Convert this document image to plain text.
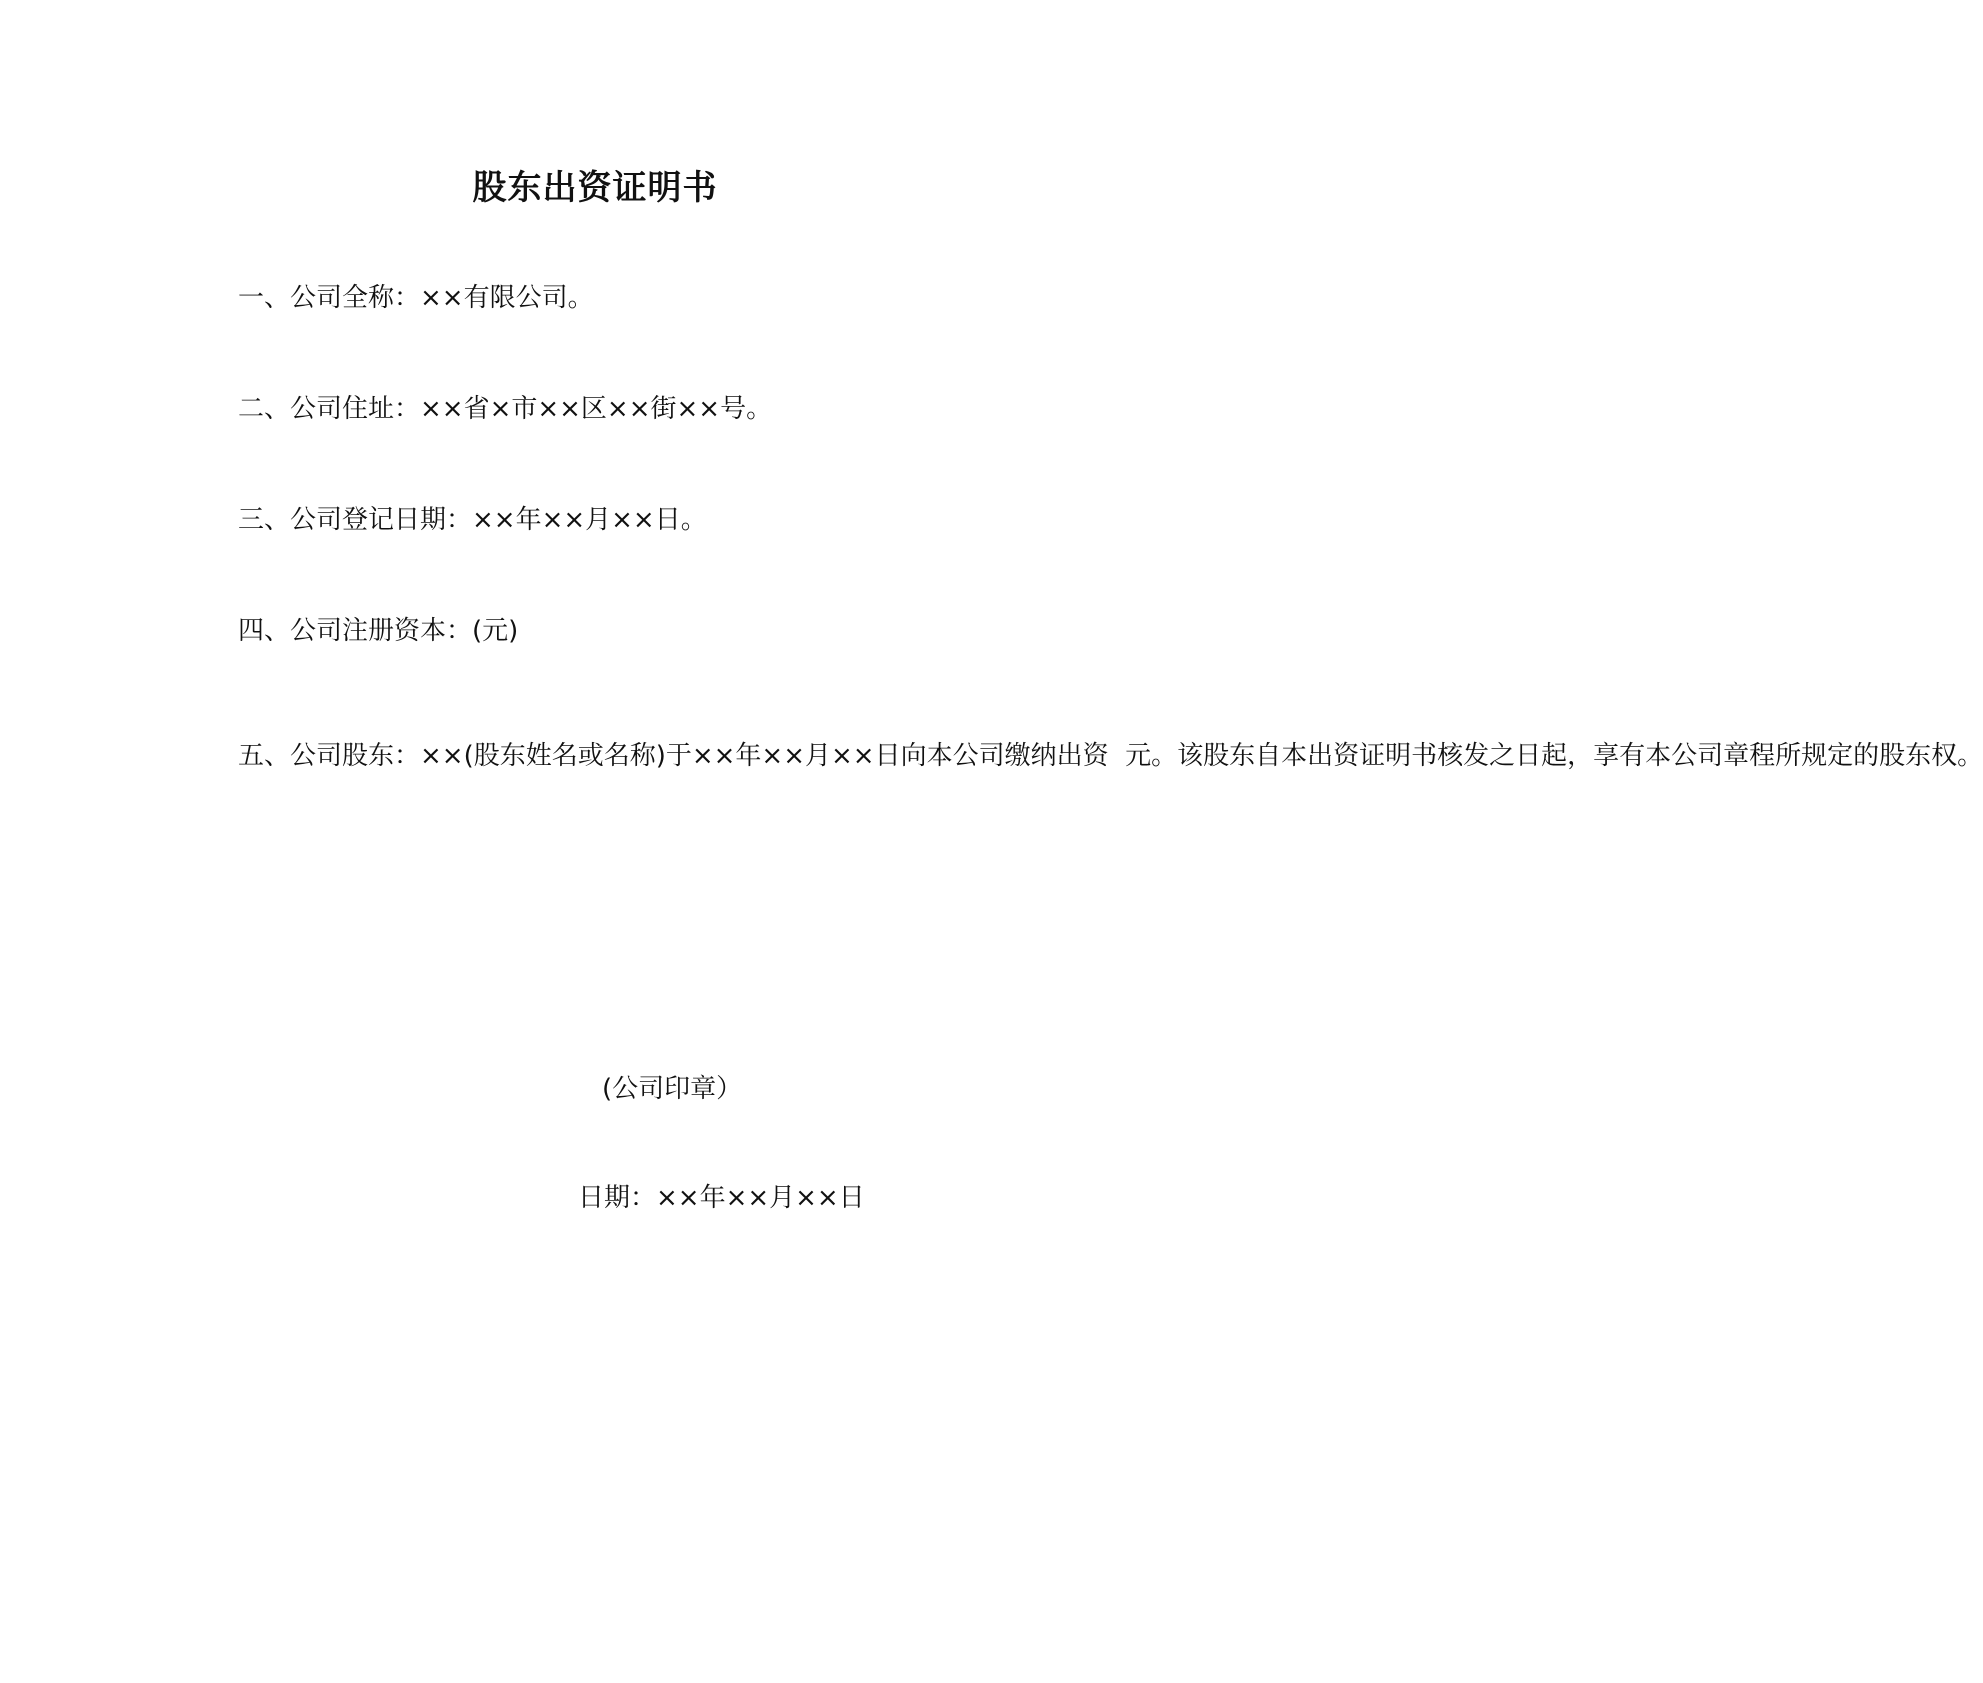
股东出资证明书
一、公司全称：××有限公司。
二、公司住址：××省×市××区××街××号。
三、公司登记日期：××年××月××日。
四、公司注册资本：(元)
五、公司股东：××(股东姓名或名称)于××年××月××日向本公司缴纳出资  元。该股东自本出资证明书核发之日起，享有本公司章程所规定的股东权。
(公司印章）
日期：××年××月××日
